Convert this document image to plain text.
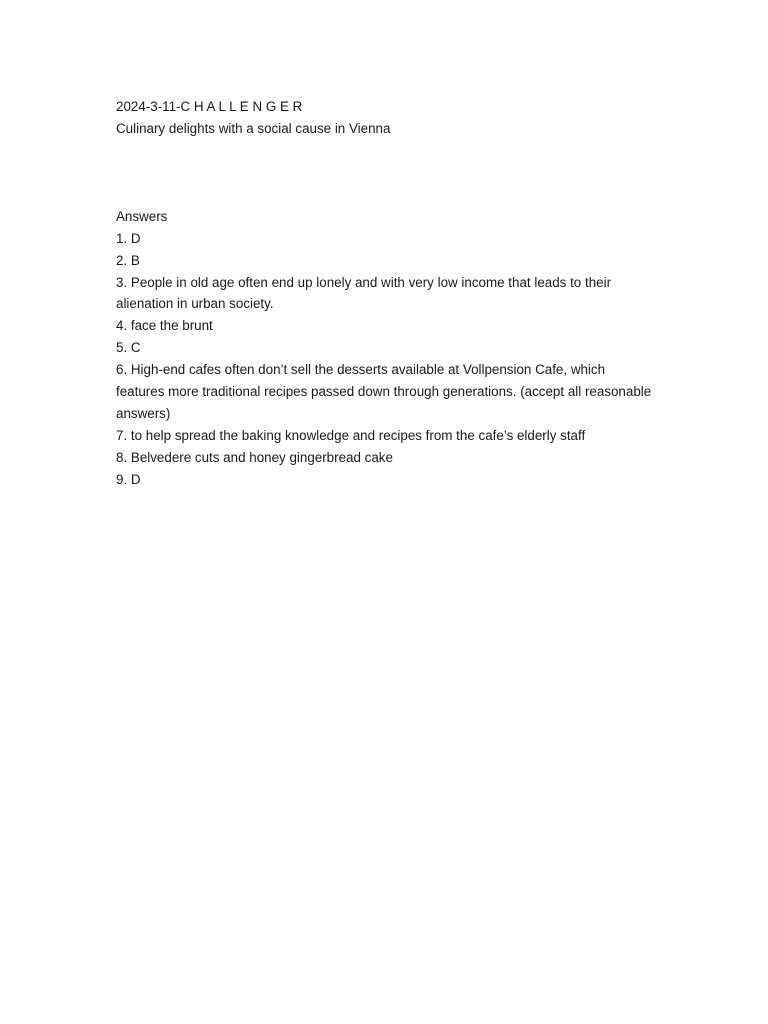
2024-3-11-C H A L L E N G E R

Culinary delights with a social cause in Vienna

Answers

1. D
2. B
3. People in old age often end up lonely and with very low income that leads to their alienation in urban society.
4. face the brunt
5. C
6. High-end cafes often don’t sell the desserts available at Vollpension Cafe, which features more traditional recipes passed down through generations. (accept all reasonable answers)
7. to help spread the baking knowledge and recipes from the cafe’s elderly staff
8. Belvedere cuts and honey gingerbread cake
9. D
